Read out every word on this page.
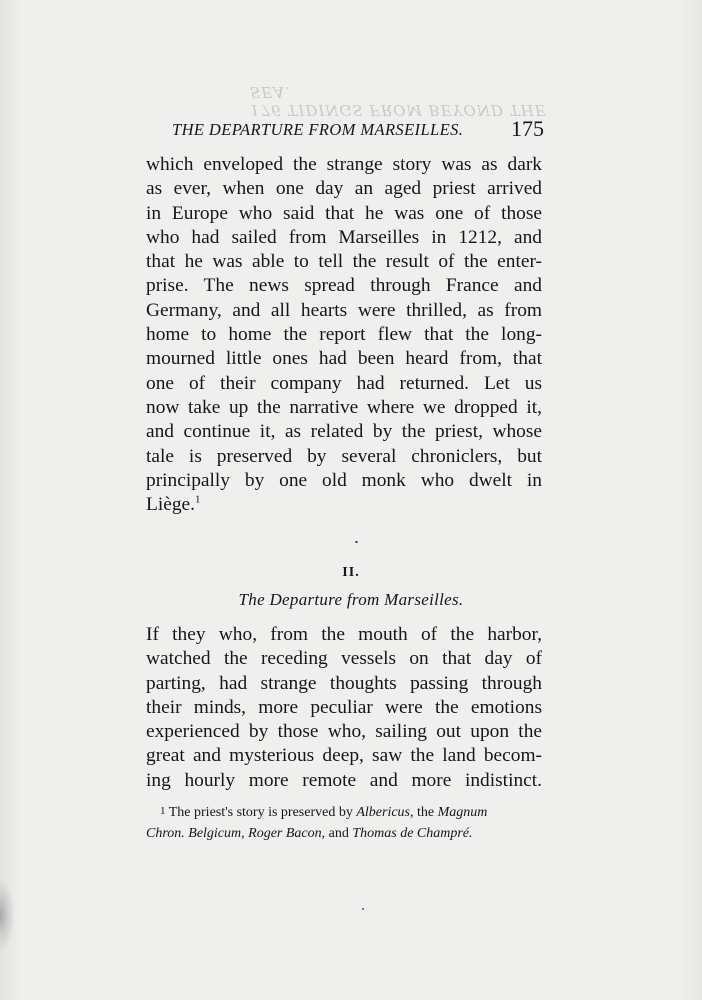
176 TIDINGS FROM BEYOND THE SEA.
THE DEPARTURE FROM MARSEILLES. 175
which enveloped the strange story was as dark
as ever, when one day an aged priest arrived
in Europe who said that he was one of those
who had sailed from Marseilles in 1212, and
that he was able to tell the result of the enter-
prise. The news spread through France and
Germany, and all hearts were thrilled, as from
home to home the report flew that the long-
mourned little ones had been heard from, that
one of their company had returned. Let us
now take up the narrative where we dropped it,
and continue it, as related by the priest, whose
tale is preserved by several chroniclers, but
principally by one old monk who dwelt in
Liège.$^1$
II.
The Departure from Marseilles.
If they who, from the mouth of the harbor,
watched the receding vessels on that day of
parting, had strange thoughts passing through
their minds, more peculiar were the emotions
experienced by those who, sailing out upon the
great and mysterious deep, saw the land becom-
ing hourly more remote and more indistinct.
1 The priest's story is preserved by Albericus, the Magnum
Chron. Belgicum, Roger Bacon, and Thomas de Champré.
